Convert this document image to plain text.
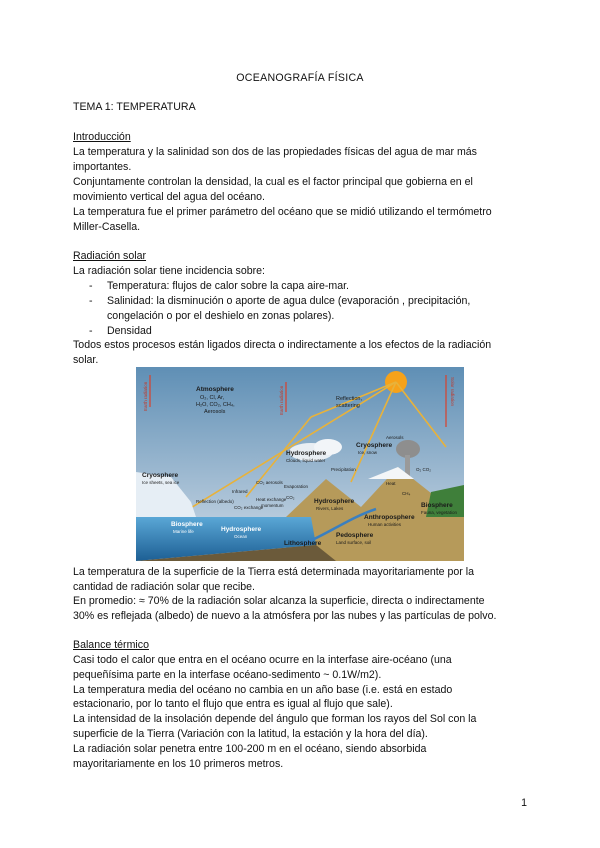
OCEANOGRAFÍA FÍSICA
TEMA 1: TEMPERATURA
Introducción
La temperatura y la salinidad son dos de las propiedades físicas del agua de mar más
importantes.
Conjuntamente controlan la densidad, la cual es el factor principal que gobierna en el
movimiento vertical del agua del océano.
La temperatura fue el primer parámetro del océano que se midió utilizando el termómetro
Miller-Casella.
Radiación solar
La radiación solar tiene incidencia sobre:
- Temperatura: flujos de calor sobre la capa aire-mar.
- Salinidad: la disminución o aporte de agua dulce (evaporación , precipitación,
congelación o por el deshielo en zonas polares).
- Densidad
Todos estos procesos están ligados directa o indirectamente a los efectos de la radiación
solar.
Atmosphere
O₂, Cl, Ar,
H₂O, CO₂, CH₄,
Aerosols
Reflection,
scattering
Aerosols
Cryosphere
Ice sheets, sea ice
Cryosphere
Ice, snow
Hydrosphere
Clouds, liquid water
Precipitation
Hydrosphere
Rivers, Lakes
Anthroposphere
Human activities
Biosphere
Fauna, vegetation
Biosphere
Marine life	Hydrosphere
Ocean
Lithosphere
Pedosphere
Land surface, soil
Reflection (albedo)
Infrared
CO₂ exchange
Evaporation
CO₂ aerosols
Heat exchange
momentum
CO₂
O₂ CO₂
CH₄
Heat
Earth radiation	Solar radiation
Earth radiation
La temperatura de la superficie de la Tierra está determinada mayoritariamente por la
cantidad de radiación solar que recibe.
En promedio: ≈ 70% de la radiación solar alcanza la superficie, directa o indirectamente
30% es reflejada (albedo) de nuevo a la atmósfera por las nubes y las partículas de polvo.
Balance térmico
Casi todo el calor que entra en el océano ocurre en la interfase aire-océano (una
pequeñísima parte en la interfase océano-sedimento ~ 0.1W/m2).
La temperatura media del océano no cambia en un año base (i.e. está en estado
estacionario, por lo tanto el flujo que entra es igual al flujo que sale).
La intensidad de la insolación depende del ángulo que forman los rayos del Sol con la
superficie de la Tierra (Variación con la latitud, la estación y la hora del día).
La radiación solar penetra entre 100-200 m en el océano, siendo absorbida
mayoritariamente en los 10 primeros metros.
1
